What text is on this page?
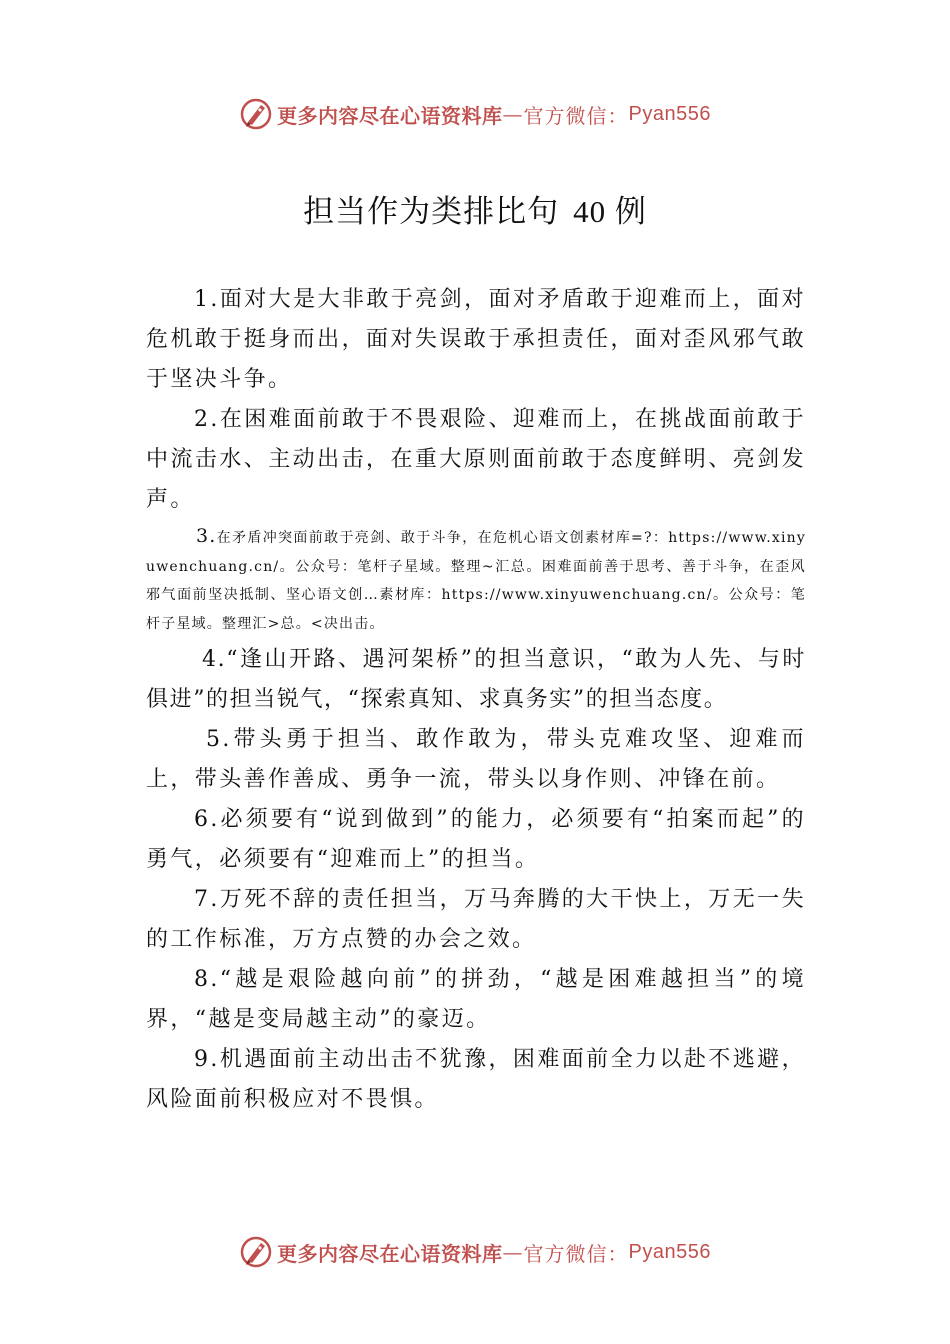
更多内容尽在心语资料库 — 官方微信： Pyan556
担当作为类排比句 40 例

1.面对大是大非敢于亮剑，面对矛盾敢于迎难而上，面对危机敢于挺身而出，面对失误敢于承担责任，面对歪风邪气敢于坚决斗争。

2.在困难面前敢于不畏艰险、迎难而上，在挑战面前敢于中流击水、主动出击，在重大原则面前敢于态度鲜明、亮剑发声。

3.在矛盾冲突面前敢于亮剑、敢于斗争，在危机心语文创素材库=?：https://www.xinyuwenchuang.cn/。公众号：笔杆子星域。整理~汇总。困难面前善于思考、善于斗争，在歪风邪气面前坚决抵制、坚心语文创…素材库：https://www.xinyuwenchuang.cn/。公众号：笔杆子星域。整理汇>总。<决出击。

4.“逢山开路、遇河架桥”的担当意识，“敢为人先、与时俱进”的担当锐气，“探索真知、求真务实”的担当态度。

5.带头勇于担当、敢作敢为，带头克难攻坚、迎难而上，带头善作善成、勇争一流，带头以身作则、冲锋在前。

6.必须要有“说到做到”的能力，必须要有“拍案而起”的勇气，必须要有“迎难而上”的担当。

7.万死不辞的责任担当，万马奔腾的大干快上，万无一失的工作标准，万方点赞的办会之效。

8.“越是艰险越向前”的拼劲，“越是困难越担当”的境界，“越是变局越主动”的豪迈。

9.机遇面前主动出击不犹豫，困难面前全力以赴不逃避，风险面前积极应对不畏惧。

更多内容尽在心语资料库 — 官方微信： Pyan556
